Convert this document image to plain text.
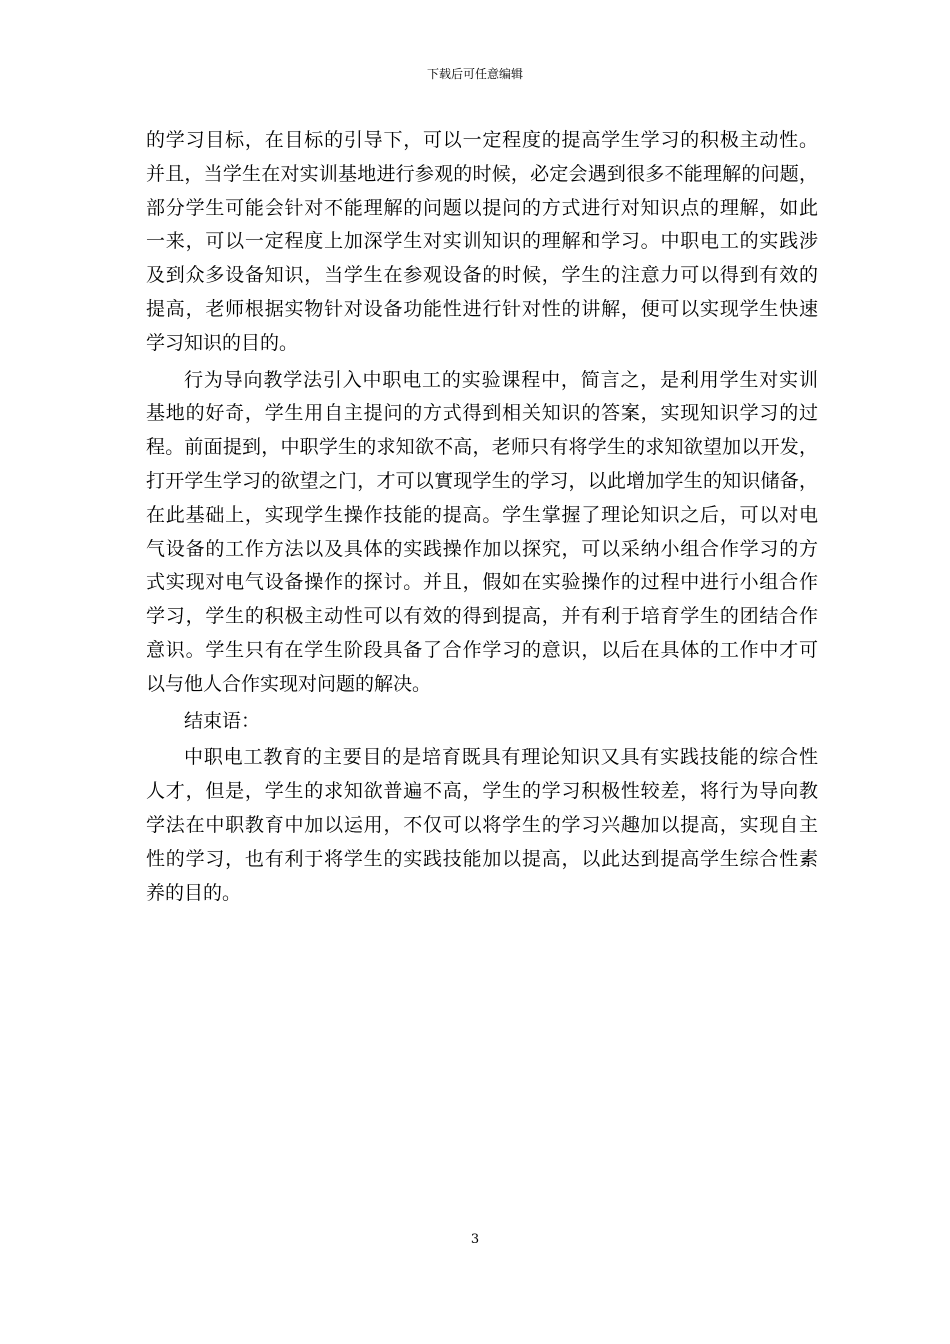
下载后可任意编辑
的学习目标，在目标的引导下，可以一定程度的提高学生学习的积极主动性。
并且，当学生在对实训基地进行参观的时候，必定会遇到很多不能理解的问题，
部分学生可能会针对不能理解的问题以提问的方式进行对知识点的理解，如此
一来，可以一定程度上加深学生对实训知识的理解和学习。中职电工的实践涉
及到众多设备知识，当学生在参观设备的时候，学生的注意力可以得到有效的
提高，老师根据实物针对设备功能性进行针对性的讲解，便可以实现学生快速
学习知识的目的。
行为导向教学法引入中职电工的实验课程中，简言之，是利用学生对实训
基地的好奇，学生用自主提问的方式得到相关知识的答案，实现知识学习的过
程。前面提到，中职学生的求知欲不高，老师只有将学生的求知欲望加以开发，
打开学生学习的欲望之门，才可以實现学生的学习，以此增加学生的知识储备，
在此基础上，实现学生操作技能的提高。学生掌握了理论知识之后，可以对电
气设备的工作方法以及具体的实践操作加以探究，可以采纳小组合作学习的方
式实现对电气设备操作的探讨。并且，假如在实验操作的过程中进行小组合作
学习，学生的积极主动性可以有效的得到提高，并有利于培育学生的团结合作
意识。学生只有在学生阶段具备了合作学习的意识，以后在具体的工作中才可
以与他人合作实现对问题的解决。
结束语：
中职电工教育的主要目的是培育既具有理论知识又具有实践技能的综合性
人才，但是，学生的求知欲普遍不高，学生的学习积极性较差，将行为导向教
学法在中职教育中加以运用，不仅可以将学生的学习兴趣加以提高，实现自主
性的学习，也有利于将学生的实践技能加以提高，以此达到提高学生综合性素
养的目的。
3
